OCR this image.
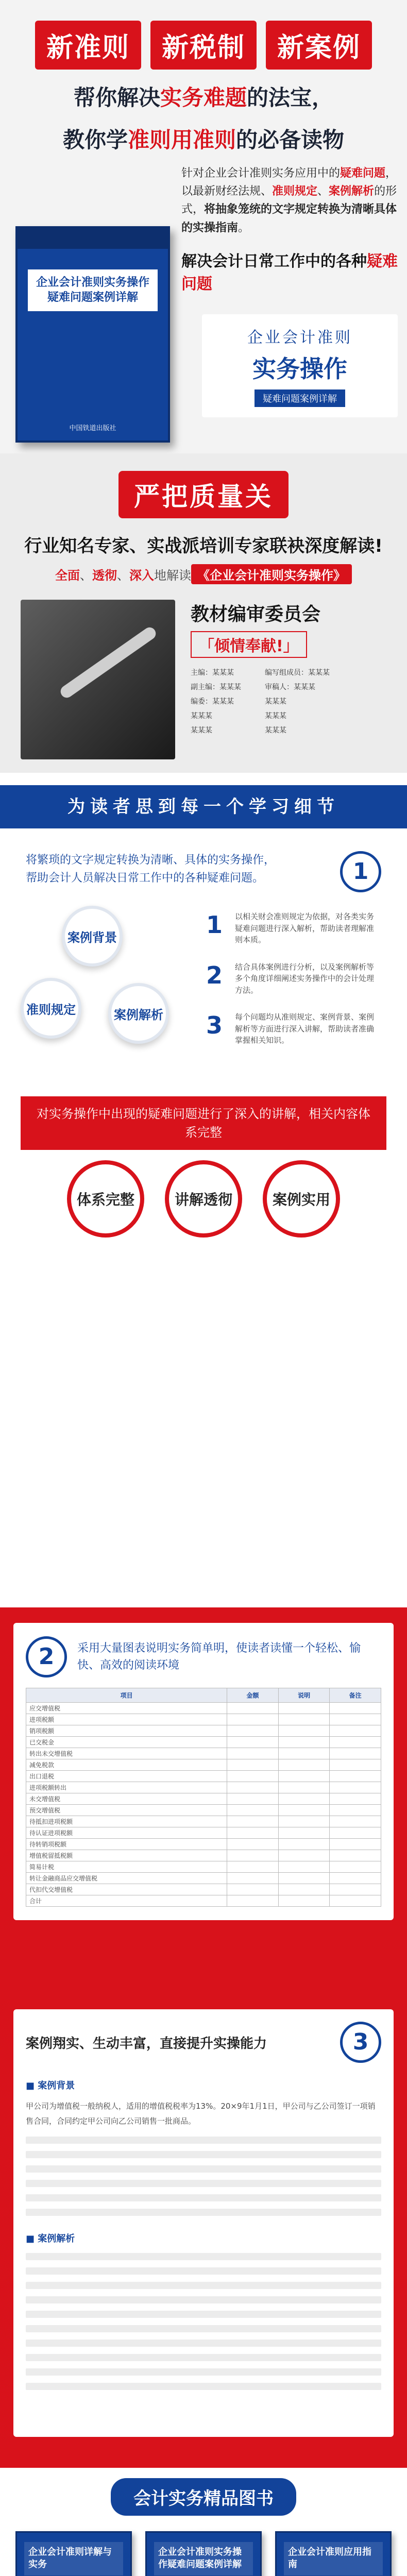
新准则	新税制	新案例
帮你解决实务难题的法宝，
教你学准则用准则的必备读物
企业会计准则实务操作疑难问题案例详解
中国铁道出版社
针对企业会计准则实务应用中的疑难问题，以最新财经法规、准则规定、案例解析的形式，将抽象笼统的文字规定转换为清晰具体的实操指南。
解决会计日常工作中的各种疑难问题
企业会计准则
实务操作
疑难问题案例详解
严把质量关
行业知名专家、实战派培训专家联袂深度解读!
全面、透彻、深入地解读 《企业会计准则实务操作》
教材编审委员会
「倾情奉献!」
主编：某某某	编写组成员：某某某
副主编：某某某	审稿人：某某某
编委：某某某	某某某
某某某	某某某
某某某	某某某
为读者思到每一个学习细节
将繁琐的文字规定转换为清晰、具体的实务操作，帮助会计人员解决日常工作中的各种疑难问题。	1
案例背景
准则规定	案例解析
1	以相关财会准则规定为依据，对各类实务疑难问题进行深入解析，帮助读者理解准则本质。
2	结合具体案例进行分析，以及案例解析等多个角度详细阐述实务操作中的会计处理方法。
3	每个问题均从准则规定、案例背景、案例解析等方面进行深入讲解，帮助读者准确掌握相关知识。
对实务操作中出现的疑难问题进行了深入的讲解，相关内容体系完整
体系完整	讲解透彻	案例实用
2	采用大量图表说明实务简单明，使读者读懂一个轻松、愉快、高效的阅读环境
项目	金额	说明	备注
应交增值税			
进项税额			
销项税额			
已交税金			
转出未交增值税			
减免税款			
出口退税			
进项税额转出			
未交增值税			
预交增值税			
待抵扣进项税额			
待认证进项税额			
待转销项税额			
增值税留抵税额			
简易计税			
转让金融商品应交增值税			
代扣代交增值税			
合计			
案例翔实、生动丰富，直接提升实操能力	3
■ 案例背景
甲公司为增值税一般纳税人，适用的增值税税率为13%。20×9年1月1日，甲公司与乙公司签订一项销售合同，合同约定甲公司向乙公司销售一批商品。
■ 案例解析
会计实务精品图书
企业会计准则详解与实务
企业会计准则实务操作疑难问题案例详解
企业会计准则应用指南
